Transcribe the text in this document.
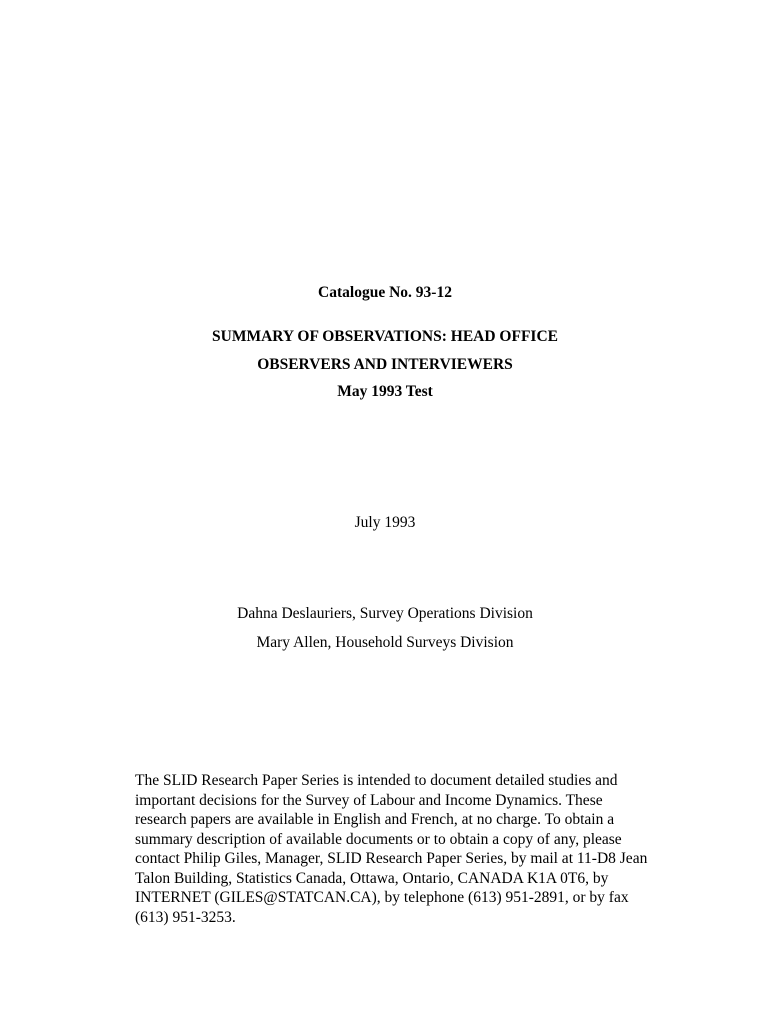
Catalogue No. 93-12
SUMMARY OF OBSERVATIONS: HEAD OFFICE
OBSERVERS AND INTERVIEWERS
May 1993 Test
July 1993
Dahna Deslauriers, Survey Operations Division
Mary Allen, Household Surveys Division
The SLID Research Paper Series is intended to document detailed studies and
important decisions for the Survey of Labour and Income Dynamics. These
research papers are available in English and French, at no charge. To obtain a
summary description of available documents or to obtain a copy of any, please
contact Philip Giles, Manager, SLID Research Paper Series, by mail at 11-D8 Jean
Talon Building, Statistics Canada, Ottawa, Ontario, CANADA K1A 0T6, by
INTERNET (GILES@STATCAN.CA), by telephone (613) 951-2891, or by fax
(613) 951-3253.
